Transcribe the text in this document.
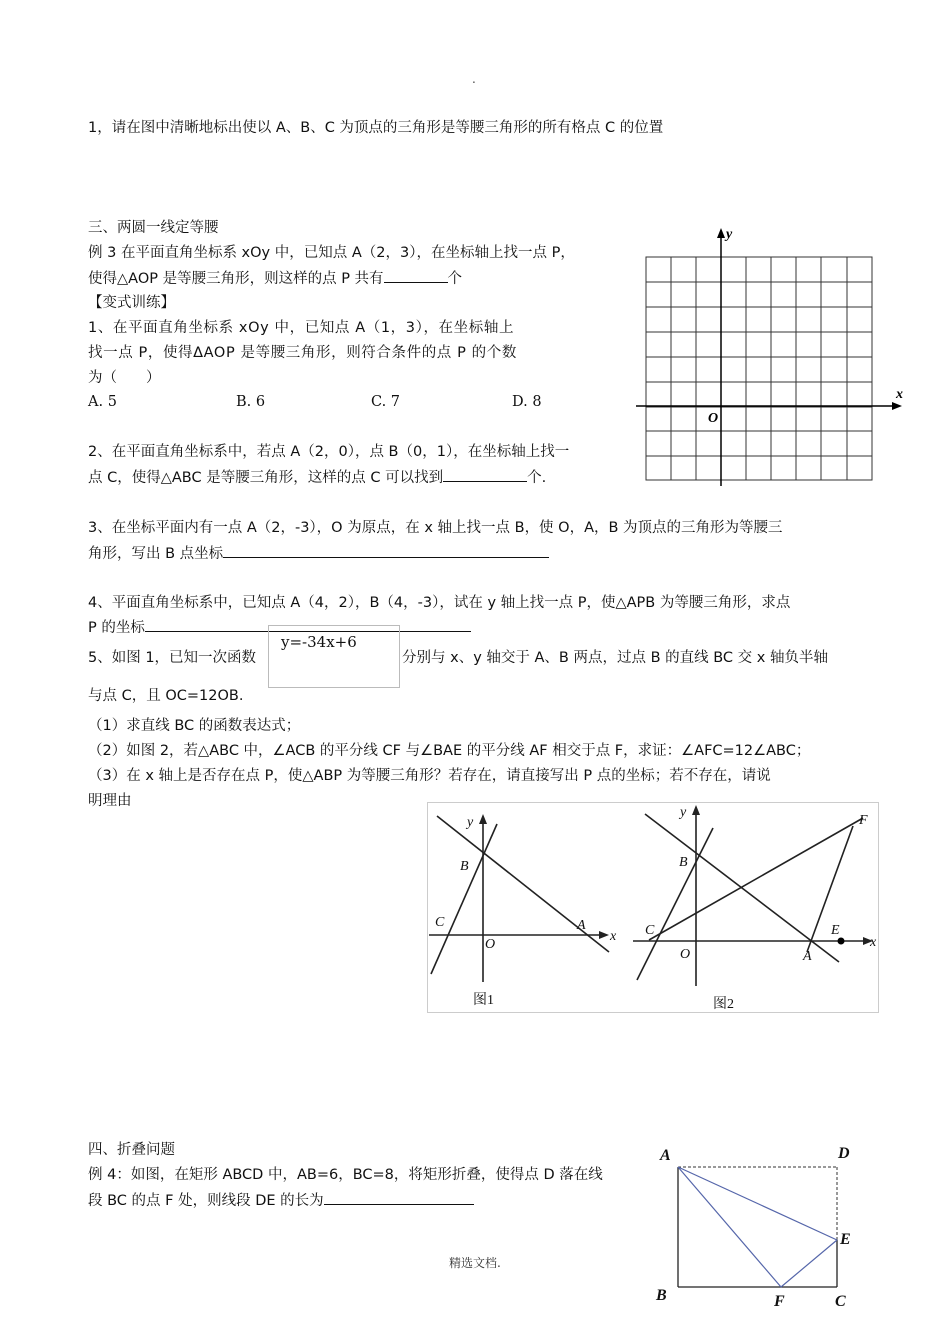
.
1，请在图中清晰地标出使以 A、B、C 为顶点的三角形是等腰三角形的所有格点 C 的位置
三、两圆一线定等腰
例 3 在平面直角坐标系 xOy 中，已知点 A（2，3），在坐标轴上找一点 P，
使得△AOP 是等腰三角形，则这样的点 P 共有	个
【变式训练】
1、在平面直角坐标系 xOy 中，已知点 A（1，3），在坐标轴上
找一点 P，使得ΔAOP 是等腰三角形，则符合条件的点 P 的个数
为（　　）
A. 5	B. 6	C. 7	D. 8
2、在平面直角坐标系中，若点 A（2，0），点 B（0，1），在坐标轴上找一
点 C，使得△ABC 是等腰三角形，这样的点 C 可以找到	个.
3、在坐标平面内有一点 A（2，-3），O 为原点，在 x 轴上找一点 B，使 O，A，B 为顶点的三角形为等腰三
角形，写出 B 点坐标
4、平面直角坐标系中，已知点 A（4，2），B（4，-3），试在 y 轴上找一点 P，使△APB 为等腰三角形，求点
P 的坐标
5、如图 1，已知一次函数
y=-34x+6
分别与 x、y 轴交于 A、B 两点，过点 B 的直线 BC 交 x 轴负半轴
与点 C，且 OC=12OB.
（1）求直线 BC 的函数表达式；
（2）如图 2，若△ABC 中，∠ACB 的平分线 CF 与∠BAE 的平分线 AF 相交于点 F，求证：∠AFC=12∠ABC；
（3）在 x 轴上是否存在点 P，使△ABP 为等腰三角形？若存在，请直接写出 P 点的坐标；若不存在，请说
明理由
x
y
O
y
x
B
C
O
A
图1
y
x
B
C
O	A
E
F
图2
四、折叠问题
例 4：如图，在矩形 ABCD 中，AB=6，BC=8，将矩形折叠，使得点 D 落在线
段 BC 的点 F 处，则线段 DE 的长为
A	D
E
B	F	C
精选文档.
